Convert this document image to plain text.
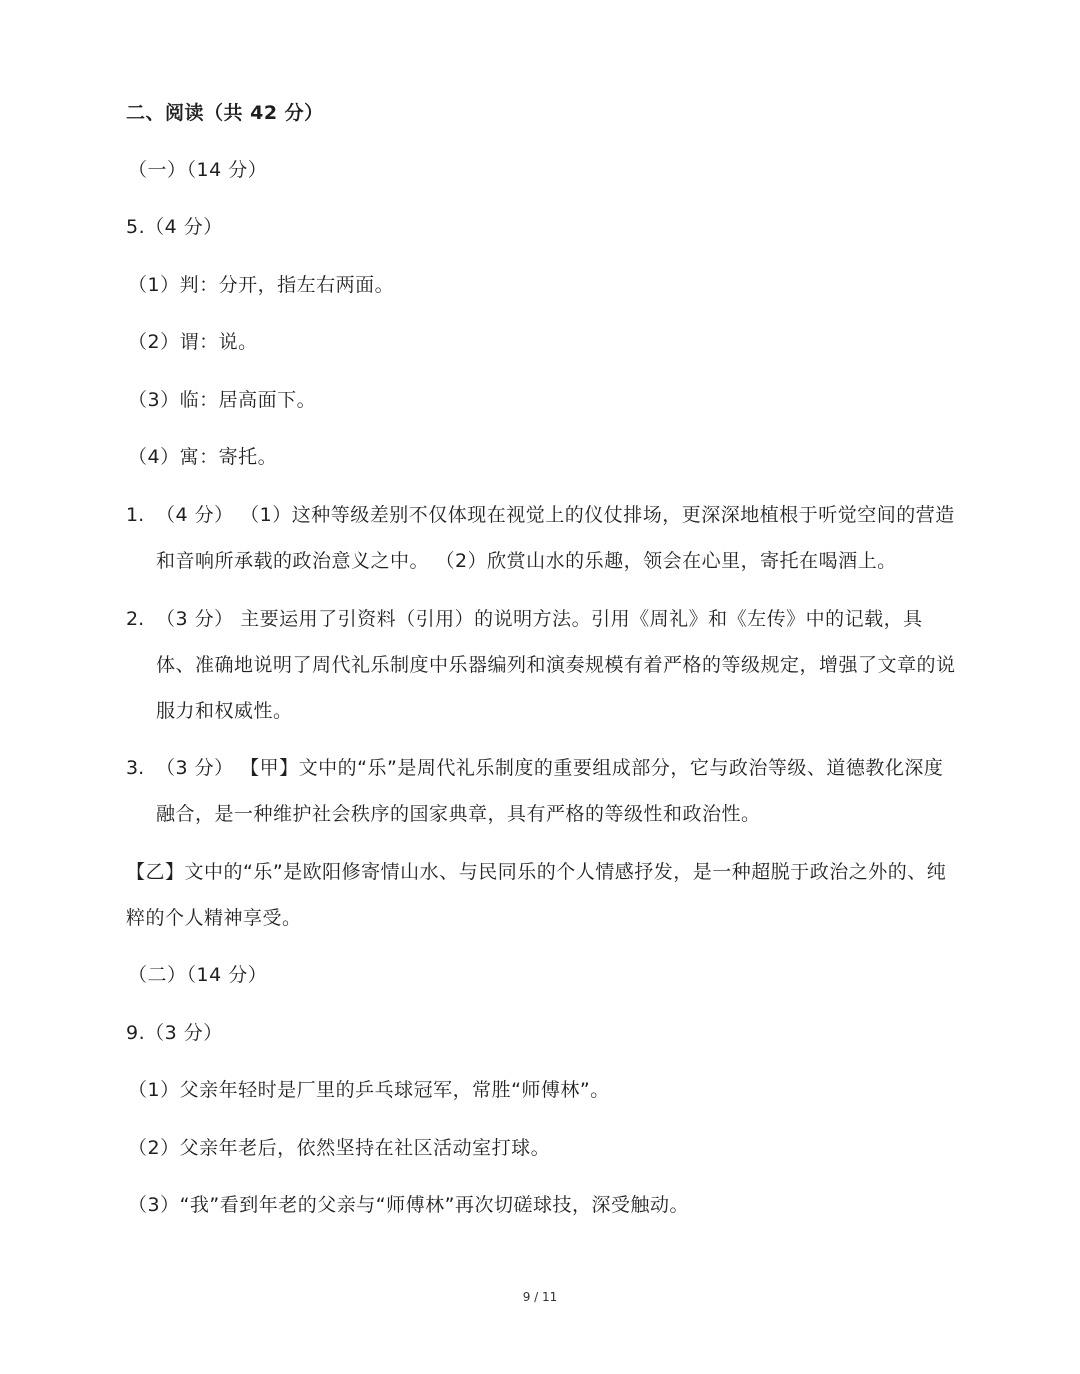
二、阅读（共 42 分）
（一）（14 分）
5.（4 分）
（1）判：分开，指左右两面。
（2）谓：说。
（3）临：居高面下。
（4）寓：寄托。
1. （4 分） （1）这种等级差别不仅体现在视觉上的仪仗排场，更深深地植根于听觉空间的营造和音响所承载的政治意义之中。 （2）欣赏山水的乐趣，领会在心里，寄托在喝酒上。
2. （3 分） 主要运用了引资料（引用）的说明方法。引用《周礼》和《左传》中的记载，具体、准确地说明了周代礼乐制度中乐器编列和演奏规模有着严格的等级规定，增强了文章的说服力和权威性。
3. （3 分） 【甲】文中的“乐”是周代礼乐制度的重要组成部分，它与政治等级、道德教化深度融合，是一种维护社会秩序的国家典章，具有严格的等级性和政治性。
【乙】文中的“乐”是欧阳修寄情山水、与民同乐的个人情感抒发，是一种超脱于政治之外的、纯粹的个人精神享受。
（二）（14 分）
9.（3 分）
（1）父亲年轻时是厂里的乒乓球冠军，常胜“师傅林”。
（2）父亲年老后，依然坚持在社区活动室打球。
（3）“我”看到年老的父亲与“师傅林”再次切磋球技，深受触动。
9 / 11
